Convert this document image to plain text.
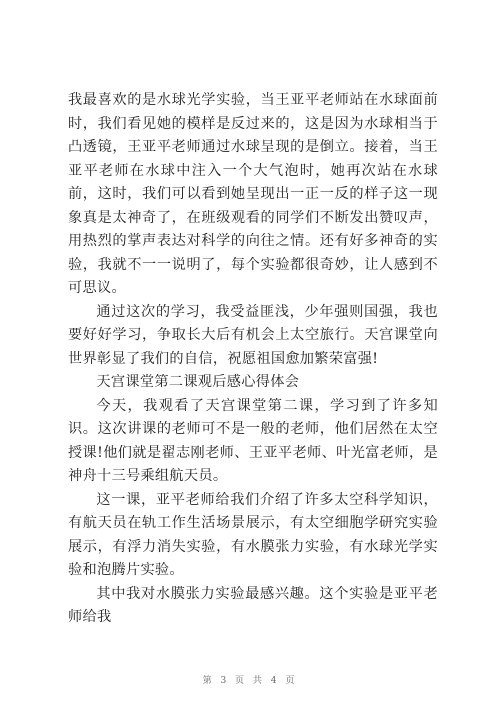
我最喜欢的是水球光学实验，当王亚平老师站在水球面前时，我们看见她的模样是反过来的，这是因为水球相当于凸透镜，王亚平老师通过水球呈现的是倒立。接着，当王亚平老师在水球中注入一个大气泡时，她再次站在水球前，这时，我们可以看到她呈现出一正一反的样子这一现象真是太神奇了，在班级观看的同学们不断发出赞叹声，用热烈的掌声表达对科学的向往之情。还有好多神奇的实验，我就不一一说明了，每个实验都很奇妙，让人感到不可思议。

通过这次的学习，我受益匪浅，少年强则国强，我也要好好学习，争取长大后有机会上太空旅行。天宫课堂向世界彰显了我们的自信，祝愿祖国愈加繁荣富强!

天宫课堂第二课观后感心得体会

今天，我观看了天宫课堂第二课，学习到了许多知识。这次讲课的老师可不是一般的老师，他们居然在太空授课!他们就是翟志刚老师、王亚平老师、叶光富老师，是神舟十三号乘组航天员。

这一课，亚平老师给我们介绍了许多太空科学知识，有航天员在轨工作生活场景展示，有太空细胞学研究实验展示，有浮力消失实验，有水膜张力实验，有水球光学实验和泡腾片实验。

其中我对水膜张力实验最感兴趣。这个实验是亚平老师给我

第 3 页 共 4 页
